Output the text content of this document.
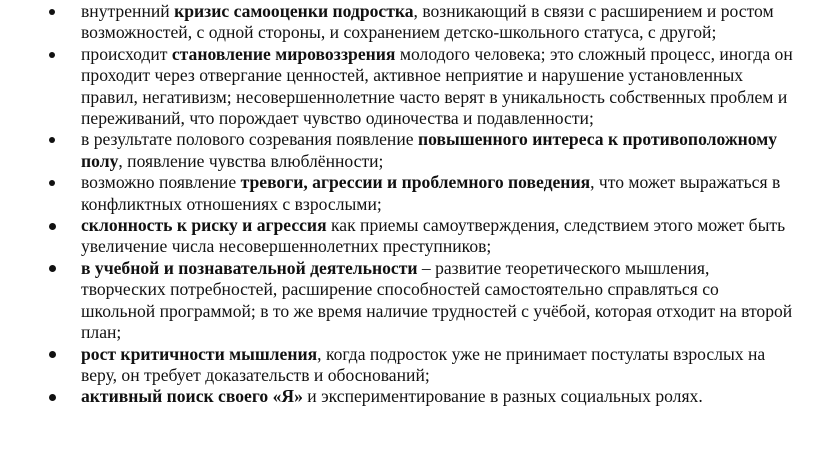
внутренний кризис самооценки подростка, возникающий в связи с расширением и ростом возможностей, с одной стороны, и сохранением детско-школьного статуса, с другой;
происходит становление мировоззрения молодого человека; это сложный процесс, иногда он проходит через отвергание ценностей, активное неприятие и нарушение установленных правил, негативизм; несовершеннолетние часто верят в уникальность собственных проблем и переживаний, что порождает чувство одиночества и подавленности;
в результате полового созревания появление повышенного интереса к противоположному полу, появление чувства влюблённости;
возможно появление тревоги, агрессии и проблемного поведения, что может выражаться в конфликтных отношениях с взрослыми;
склонность к риску и агрессия как приемы самоутверждения, следствием этого может быть увеличение числа несовершеннолетних преступников;
в учебной и познавательной деятельности – развитие теоретического мышления, творческих потребностей, расширение способностей самостоятельно справляться со школьной программой; в то же время наличие трудностей с учёбой, которая отходит на второй план;
рост критичности мышления, когда подросток уже не принимает постулаты взрослых на веру, он требует доказательств и обоснований;
активный поиск своего «Я» и экспериментирование в разных социальных ролях.
